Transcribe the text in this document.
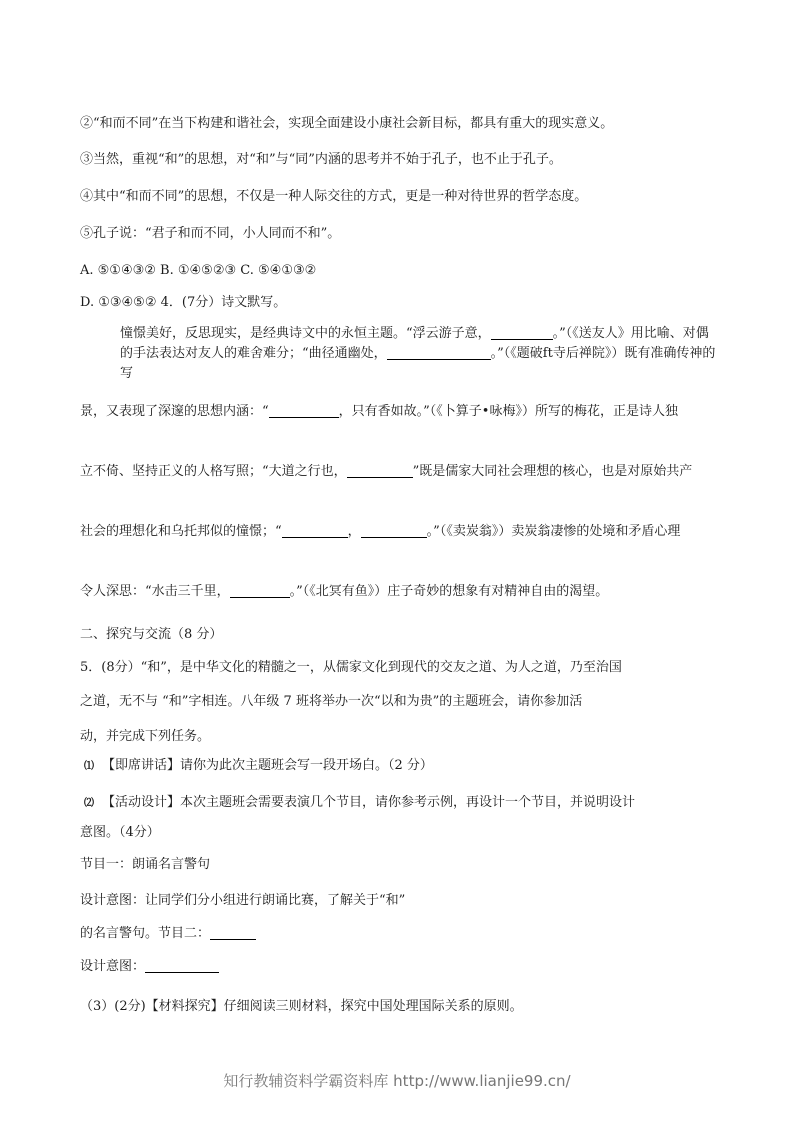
②“和而不同”在当下构建和谐社会，实现全面建设小康社会新目标，都具有重大的现实意义。
③当然，重视“和”的思想，对“和”与“同”内涵的思考并不始于孔子，也不止于孔子。
④其中“和而不同”的思想，不仅是一种人际交往的方式，更是一种对待世界的哲学态度。
⑤孔子说：“君子和而不同，小人同而不和”。
A. ⑤①④③② B. ①④⑤②③ C. ⑤④①③②
D. ①③④⑤② 4．(7分）诗文默写。
憧憬美好，反思现实，是经典诗文中的永恒主题。“浮云游子意，	。”（《送友人》用比喻、对偶的手法表达对友人的难舍难分；“曲径通幽处，	。”（《题破ft寺后禅院》）既有准确传神的写
景，又表现了深邃的思想内涵：“	，只有香如故。”（《卜算子•咏梅》）所写的梅花，正是诗人独
立不倚、坚持正义的人格写照；“大道之行也，	”既是儒家大同社会理想的核心，也是对原始共产
社会的理想化和乌托邦似的憧憬；“	，	。”（《卖炭翁》）卖炭翁凄惨的处境和矛盾心理
令人深思：“水击三千里，	。”（《北冥有鱼》）庄子奇妙的想象有对精神自由的渴望。
二、探究与交流（8 分）
5．(8分）“和”，是中华文化的精髓之一，从儒家文化到现代的交友之道、为人之道，乃至治国
之道，无不与 “和”字相连。八年级 7 班将举办一次“以和为贵”的主题班会，请你参加活
动，并完成下列任务。
⑴ 【即席讲话】请你为此次主题班会写一段开场白。（2 分）
⑵ 【活动设计】本次主题班会需要表演几个节目，请你参考示例，再设计一个节目，并说明设计
意图。（4分）
节目一：朗诵名言警句
设计意图：让同学们分小组进行朗诵比赛，了解关于“和”
的名言警句。节目二：
设计意图：
（3）(2分)【材料探究】仔细阅读三则材料，探究中国处理国际关系的原则。
知行教辅资料学霸资料库 http://www.lianjie99.cn/
